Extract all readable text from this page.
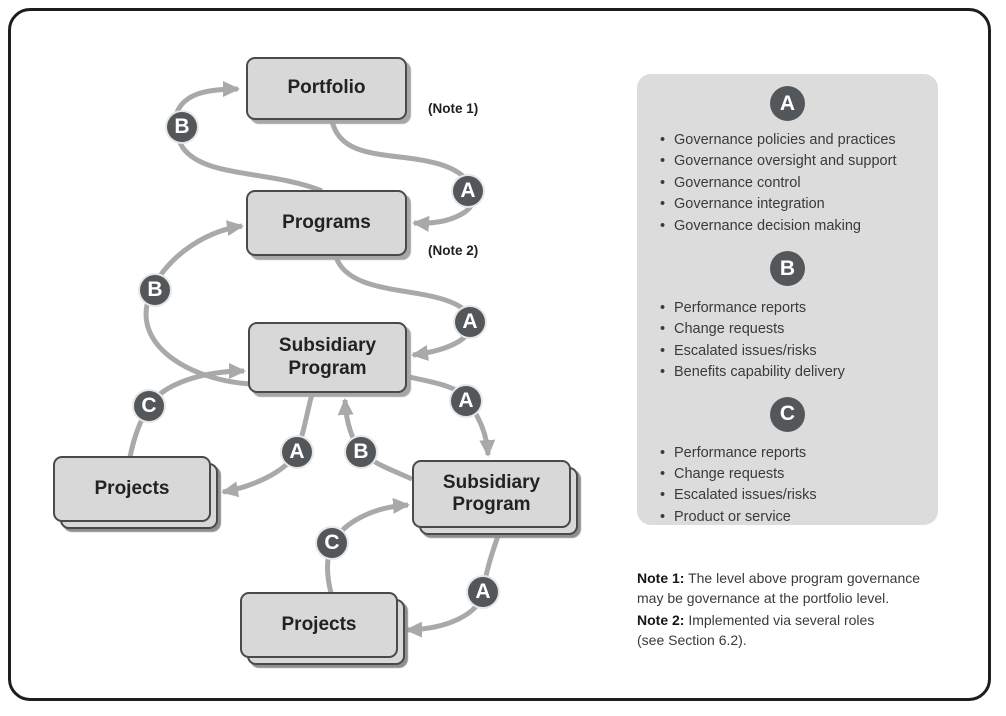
Portfolio
Programs
Subsidiary Program
Projects	Subsidiary Program
Projects
(Note 1)
(Note 2)
B
A
B
A
C	A
A	B
C
A
A
• Governance policies and practices
• Governance oversight and support
• Governance control
• Governance integration
• Governance decision making
B
• Performance reports
• Change requests
• Escalated issues/risks
• Benefits capability delivery
C
• Performance reports
• Change requests
• Escalated issues/risks
• Product or service
Note 1: The level above program governance
may be governance at the portfolio level.
Note 2: Implemented via several roles
(see Section 6.2).
